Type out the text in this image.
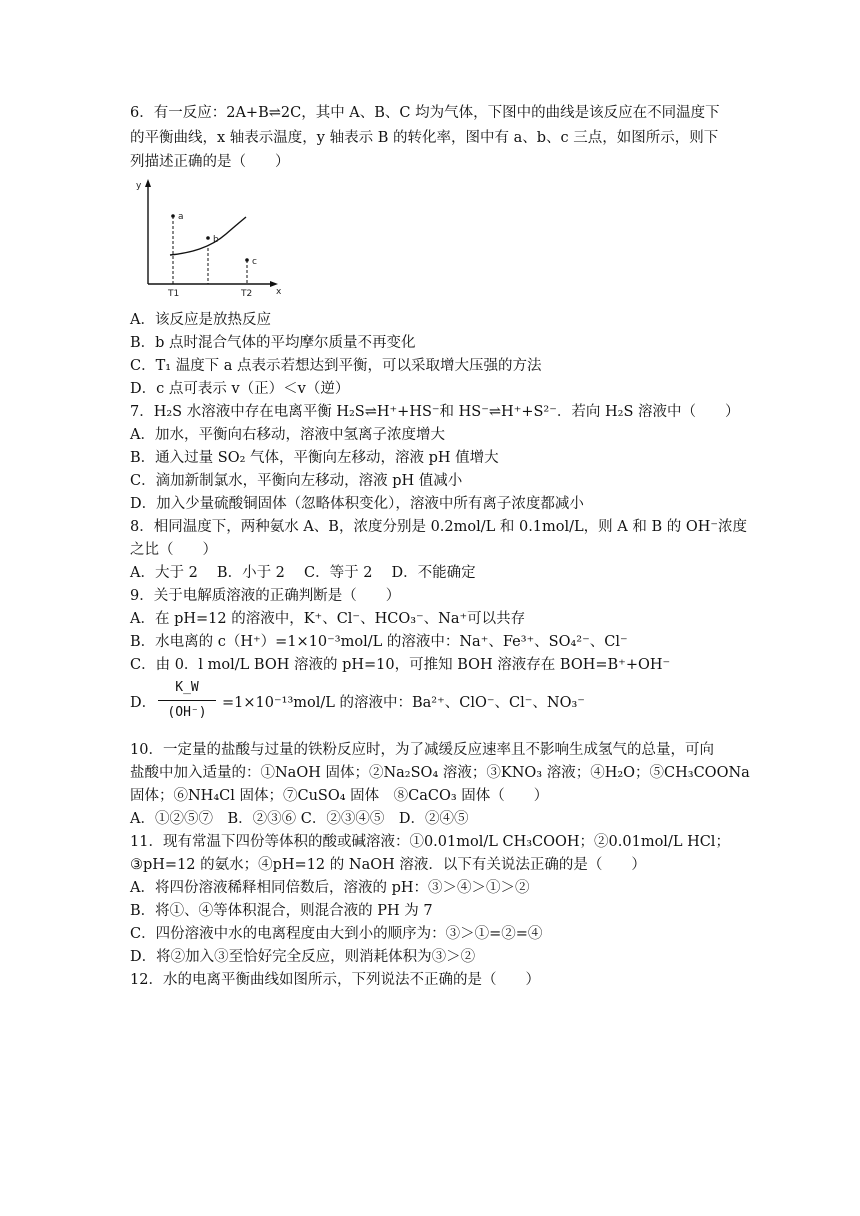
6．有一反应：2A+B⇌2C，其中 A、B、C 均为气体，下图中的曲线是该反应在不同温度下
的平衡曲线，x 轴表示温度，y 轴表示 B 的转化率，图中有 a、b、c 三点，如图所示，则下
列描述正确的是（　　）
y
x
a
b
c
T1	T2
A．该反应是放热反应
B．b 点时混合气体的平均摩尔质量不再变化
C．T₁ 温度下 a 点表示若想达到平衡，可以采取增大压强的方法
D．c 点可表示 v（正）＜v（逆）
7．H₂S 水溶液中存在电离平衡 H₂S⇌H⁺+HS⁻和 HS⁻⇌H⁺+S²⁻．若向 H₂S 溶液中（　　）
A．加水，平衡向右移动，溶液中氢离子浓度增大
B．通入过量 SO₂ 气体，平衡向左移动，溶液 pH 值增大
C．滴加新制氯水，平衡向左移动，溶液 pH 值减小
D．加入少量硫酸铜固体（忽略体积变化），溶液中所有离子浓度都减小
8．相同温度下，两种氨水 A、B，浓度分别是 0.2mol/L 和 0.1mol/L，则 A 和 B 的 OH⁻浓度
之比（　　）
A．大于 2　 B．小于 2　 C．等于 2　 D．不能确定
9．关于电解质溶液的正确判断是（　　）
A．在 pH=12 的溶液中，K⁺、Cl⁻、HCO₃⁻、Na⁺可以共存
B．水电离的 c（H⁺）=1×10⁻³mol/L 的溶液中：Na⁺、Fe³⁺、SO₄²⁻、Cl⁻
C．由 0．l mol/L BOH 溶液的 pH=10，可推知 BOH 溶液存在 BOH=B⁺+OH⁻
D．
K_W
(OH⁻)
=1×10⁻¹³mol/L 的溶液中：Ba²⁺、ClO⁻、Cl⁻、NO₃⁻
10．一定量的盐酸与过量的铁粉反应时，为了减缓反应速率且不影响生成氢气的总量，可向
盐酸中加入适量的：①NaOH 固体；②Na₂SO₄ 溶液；③KNO₃ 溶液；④H₂O；⑤CH₃COONa
固体；⑥NH₄Cl 固体；⑦CuSO₄ 固体　⑧CaCO₃ 固体（　　）
A．①②⑤⑦　B．②③⑥ C．②③④⑤　D．②④⑤
11．现有常温下四份等体积的酸或碱溶液：①0.01mol/L CH₃COOH；②0.01mol/L HCl；
③pH=12 的氨水；④pH=12 的 NaOH 溶液．以下有关说法正确的是（　　）
A．将四份溶液稀释相同倍数后，溶液的 pH：③＞④＞①＞②
B．将①、④等体积混合，则混合液的 PH 为 7
C．四份溶液中水的电离程度由大到小的顺序为：③＞①=②=④
D．将②加入③至恰好完全反应，则消耗体积为③＞②
12．水的电离平衡曲线如图所示，下列说法不正确的是（　　）
